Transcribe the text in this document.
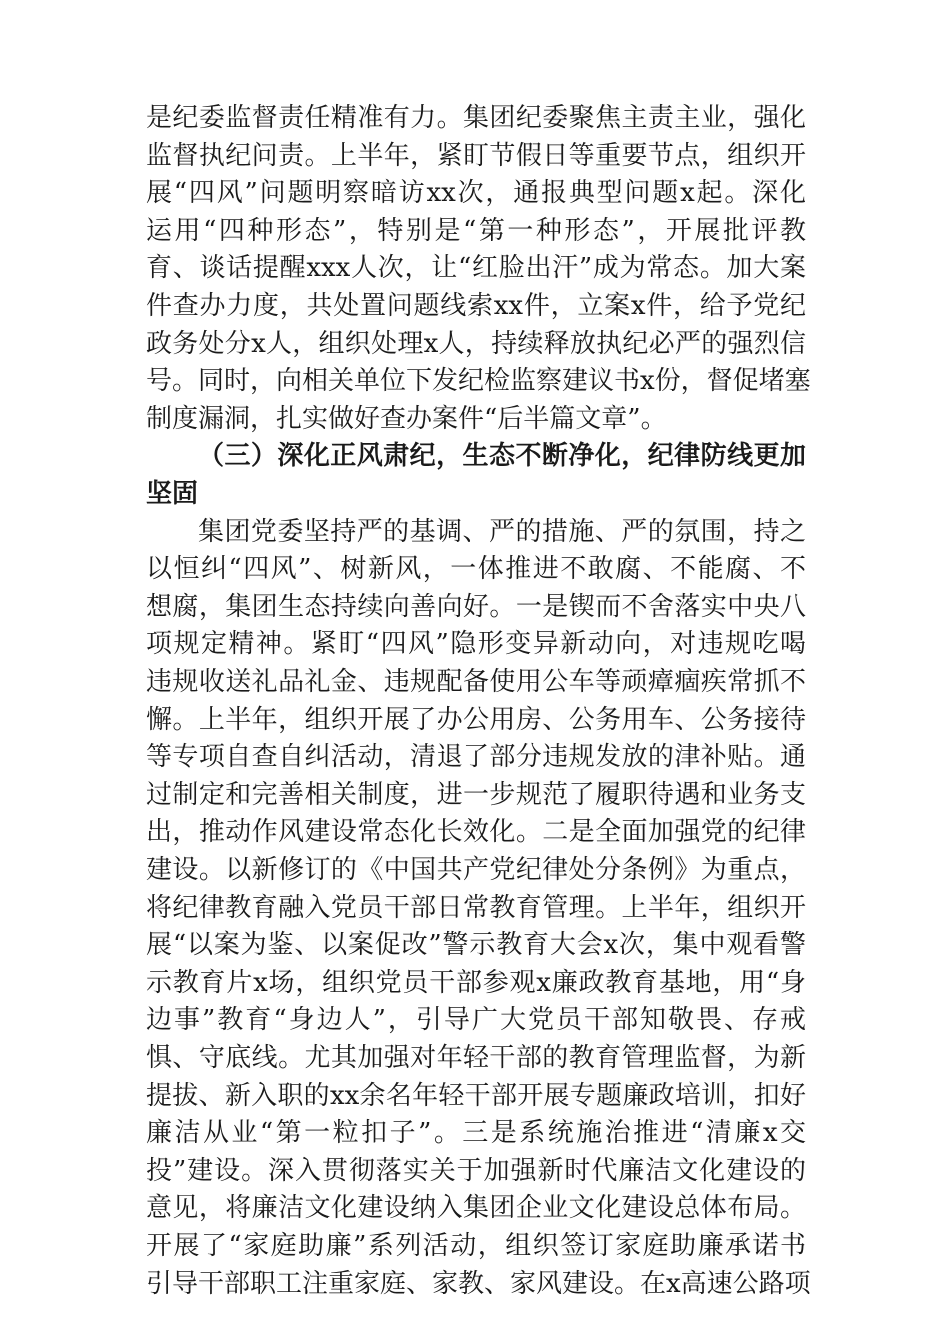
是纪委监督责任精准有力。集团纪委聚焦主责主业，强化
监督执纪问责。上半年，紧盯节假日等重要节点，组织开
展“四风”问题明察暗访xx次，通报典型问题x起。深化
运用“四种形态”，特别是“第一种形态”，开展批评教
育、谈话提醒xxx人次，让“红脸出汗”成为常态。加大案
件查办力度，共处置问题线索xx件，立案x件，给予党纪
政务处分x人，组织处理x人，持续释放执纪必严的强烈信
号。同时，向相关单位下发纪检监察建议书x份，督促堵塞
制度漏洞，扎实做好查办案件“后半篇文章”。
（三）深化正风肃纪，生态不断净化，纪律防线更加
坚固
集团党委坚持严的基调、严的措施、严的氛围，持之
以恒纠“四风”、树新风，一体推进不敢腐、不能腐、不
想腐，集团生态持续向善向好。一是锲而不舍落实中央八
项规定精神。紧盯“四风”隐形变异新动向，对违规吃喝
违规收送礼品礼金、违规配备使用公车等顽瘴痼疾常抓不
懈。上半年，组织开展了办公用房、公务用车、公务接待
等专项自查自纠活动，清退了部分违规发放的津补贴。通
过制定和完善相关制度，进一步规范了履职待遇和业务支
出，推动作风建设常态化长效化。二是全面加强党的纪律
建设。以新修订的《中国共产党纪律处分条例》为重点，
将纪律教育融入党员干部日常教育管理。上半年，组织开
展“以案为鉴、以案促改”警示教育大会x次，集中观看警
示教育片x场，组织党员干部参观x廉政教育基地，用“身
边事”教育“身边人”，引导广大党员干部知敬畏、存戒
惧、守底线。尤其加强对年轻干部的教育管理监督，为新
提拔、新入职的xx余名年轻干部开展专题廉政培训，扣好
廉洁从业“第一粒扣子”。三是系统施治推进“清廉x交
投”建设。深入贯彻落实关于加强新时代廉洁文化建设的
意见，将廉洁文化建设纳入集团企业文化建设总体布局。
开展了“家庭助廉”系列活动，组织签订家庭助廉承诺书
引导干部职工注重家庭、家教、家风建设。在x高速公路项
